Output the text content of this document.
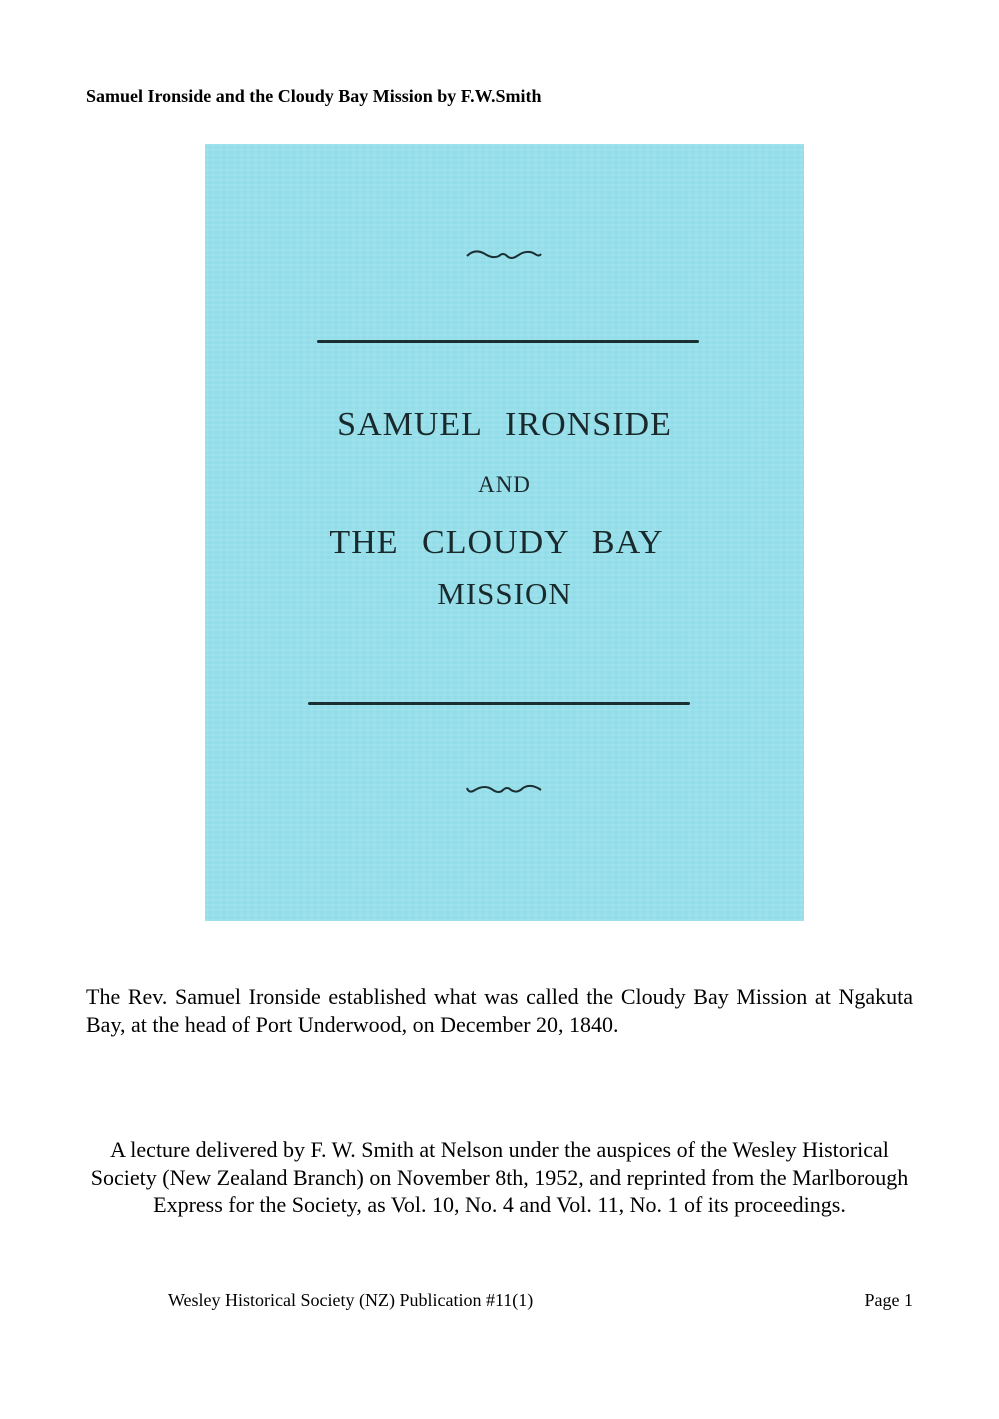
Samuel Ironside and the Cloudy Bay Mission by F.W.Smith
SAMUEL IRONSIDE
AND
THE CLOUDY BAY
MISSION
The Rev. Samuel Ironside established what was called the Cloudy Bay Mission at Ngakuta Bay, at the head of Port Underwood, on December 20, 1840.
A lecture delivered by F. W. Smith at Nelson under the auspices of the Wesley Historical Society (New Zealand Branch) on November 8th, 1952, and reprinted from the Marlborough Express for the Society, as Vol. 10, No. 4 and Vol. 11, No. 1 of its proceedings.
Wesley Historical Society (NZ) Publication #11(1)	Page 1
